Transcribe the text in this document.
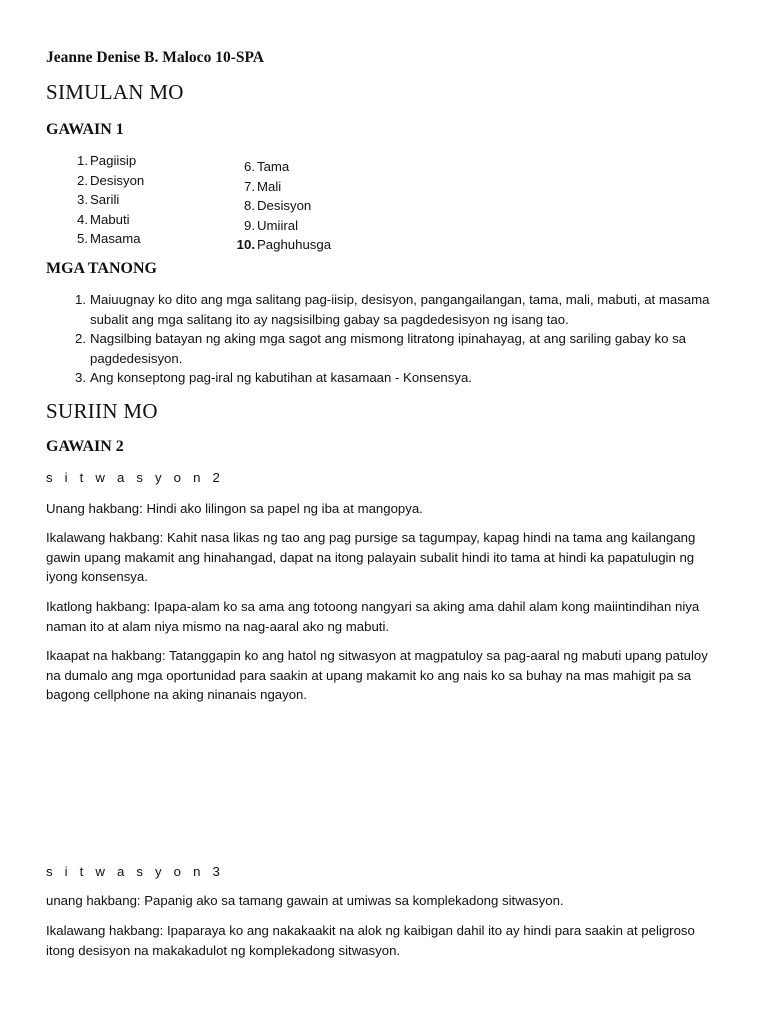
Jeanne Denise B. Maloco 10-SPA

SIMULAN MO

GAWAIN 1

1. Pagiisip
2. Desisyon
3. Sarili
4. Mabuti
5. Masama
6. Tama
7. Mali
8. Desisyon
9. Umiiral
10. Paghuhusga

MGA TANONG

1. Maiuugnay ko dito ang mga salitang pag-iisip, desisyon, pangangailangan, tama, mali, mabuti, at masama subalit ang mga salitang ito ay nagsisilbing gabay sa pagdedesisyon ng isang tao.
2. Nagsilbing batayan ng aking mga sagot ang mismong litratong ipinahayag, at ang sariling gabay ko sa pagdedesisyon.
3. Ang konseptong pag-iral ng kabutihan at kasamaan - Konsensya.

SURIIN MO

GAWAIN 2

s i t w a s y o n 2

Unang hakbang: Hindi ako lilingon sa papel ng iba at mangopya.

Ikalawang hakbang: Kahit nasa likas ng tao ang pag pursige sa tagumpay, kapag hindi na tama ang kailangang gawin upang makamit ang hinahangad, dapat na itong palayain subalit hindi ito tama at hindi ka papatulugin ng iyong konsensya.

Ikatlong hakbang: Ipapa-alam ko sa ama ang totoong nangyari sa aking ama dahil alam kong maiintindihan niya naman ito at alam niya mismo na nag-aaral ako ng mabuti.

Ikaapat na hakbang: Tatanggapin ko ang hatol ng sitwasyon at magpatuloy sa pag-aaral ng mabuti upang patuloy na dumalo ang mga oportunidad para saakin at upang makamit ko ang nais ko sa buhay na mas mahigit pa sa bagong cellphone na aking ninanais ngayon.

s i t w a s y o n 3

unang hakbang: Papanig ako sa tamang gawain at umiwas sa komplekadong sitwasyon.

Ikalawang hakbang: Ipaparaya ko ang nakakaakit na alok ng kaibigan dahil ito ay hindi para saakin at peligroso itong desisyon na makakadulot ng komplekadong sitwasyon.
